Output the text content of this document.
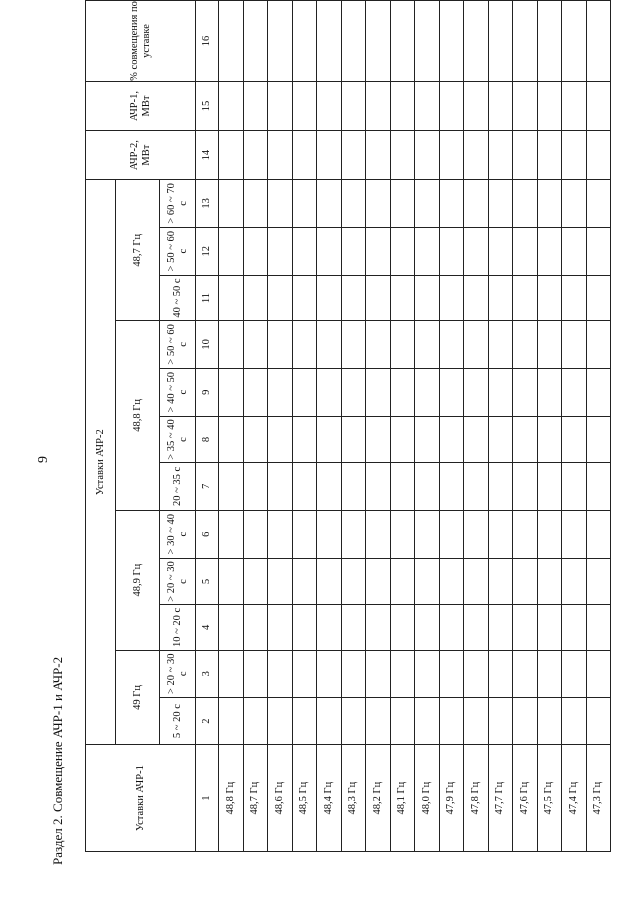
9
Раздел 2. Совмещение АЧР-1 и АЧР-2	Уставки АЧР-1	Уставки АЧР-2												АЧР-2, МВт	АЧР-1, МВт	% совмещения по уставке
	49 Гц		48,9 Гц			48,8 Гц				48,7 Гц					
	5 ~ 20 с	> 20 ~ 30 с	10 ~ 20 с	> 20 ~ 30 с	> 30 ~ 40 с	20 ~ 35 с	> 35 ~ 40 с	> 40 ~ 50 с	> 50 ~ 60 с	40 ~ 50 с	> 50 ~ 60 с	> 60 ~ 70 с			
1	2	3	4	5	6	7	8	9	10	11	12	13	14	15	16
48,8 Гц															
48,7 Гц															
48,6 Гц															
48,5 Гц															
48,4 Гц															
48,3 Гц															
48,2 Гц															
48,1 Гц															
48,0 Гц															
47,9 Гц															
47,8 Гц															
47,7 Гц															
47,6 Гц															
47,5 Гц															
47,4 Гц															
47,3 Гц															
